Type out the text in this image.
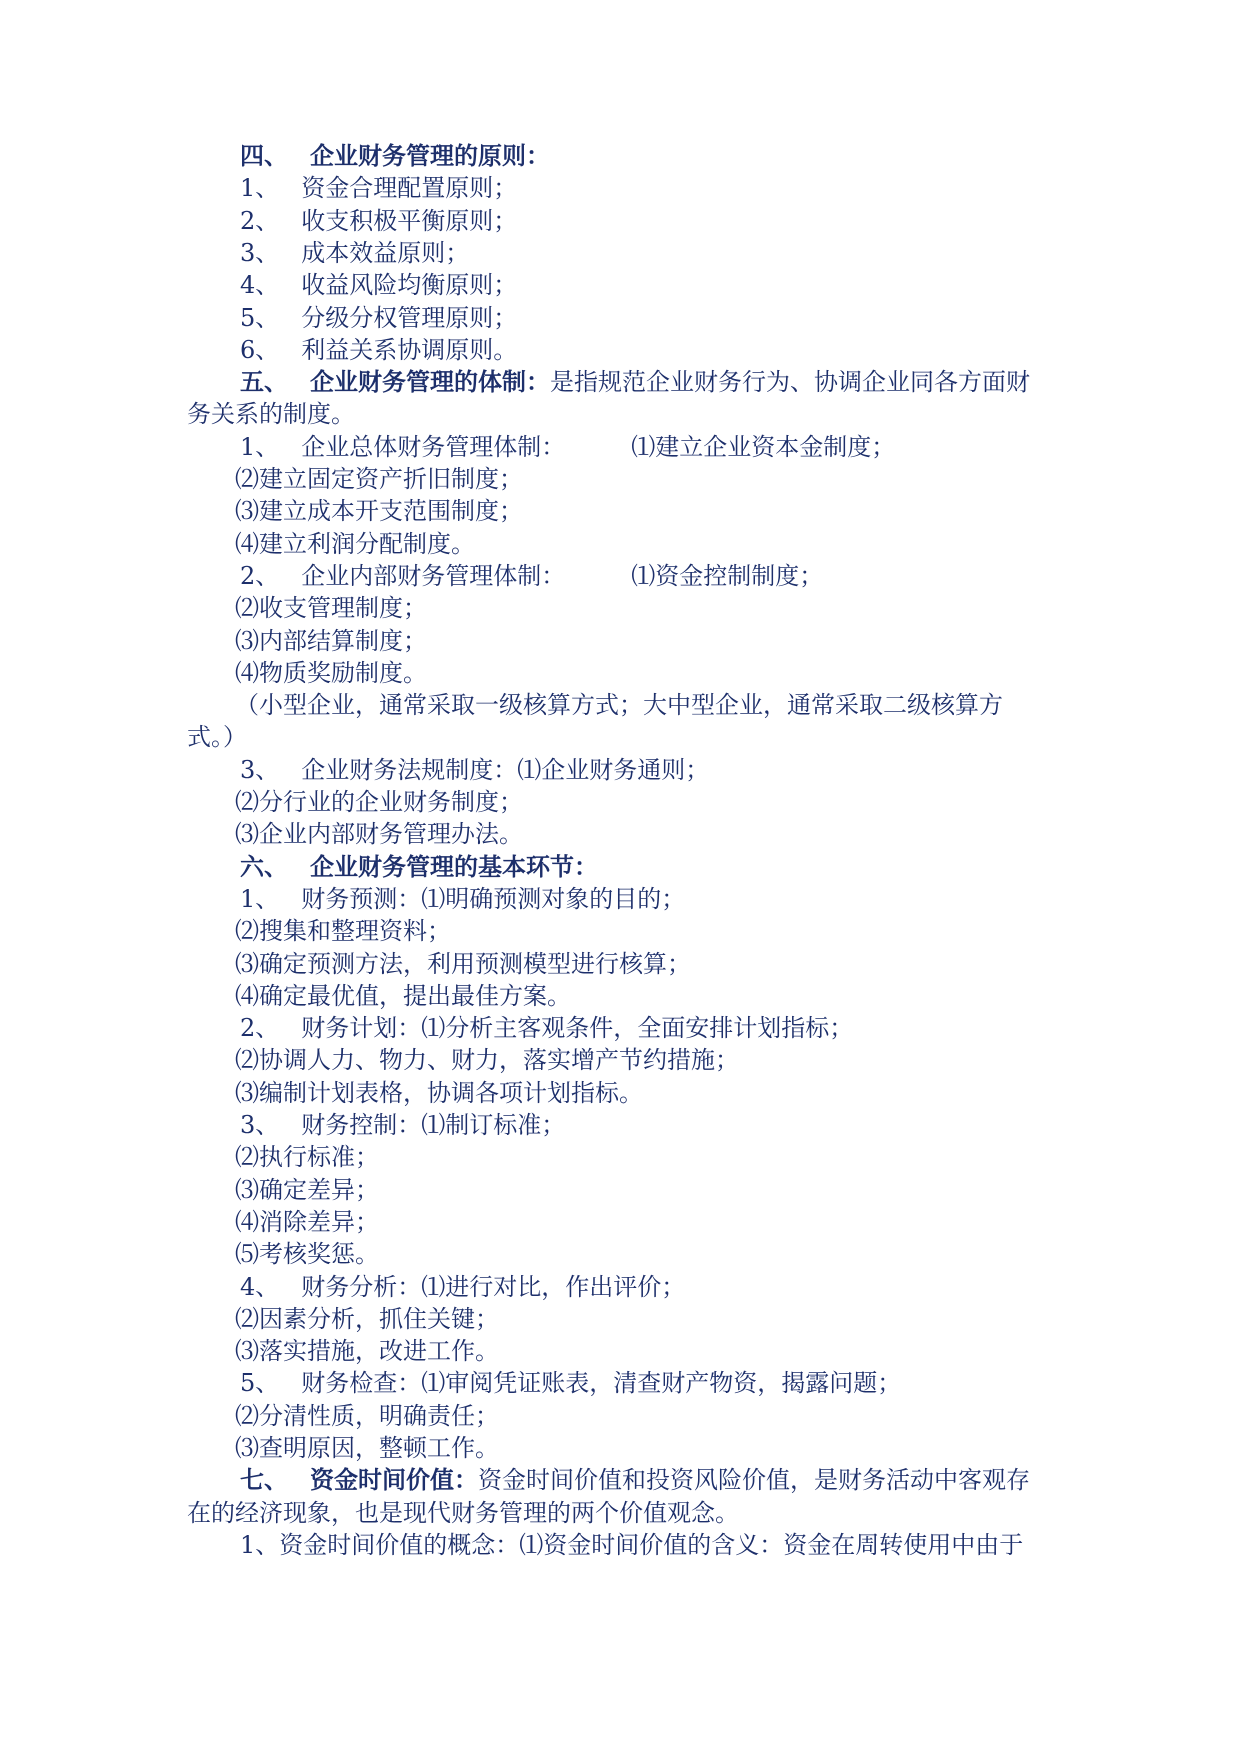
四、 企业财务管理的原则：
1、 资金合理配置原则；
2、 收支积极平衡原则；
3、 成本效益原则；
4、 收益风险均衡原则；
5、 分级分权管理原则；
6、 利益关系协调原则。
五、 企业财务管理的体制：是指规范企业财务行为、协调企业同各方面财
务关系的制度。
1、 企业总体财务管理体制：	⑴建立企业资本金制度；
⑵建立固定资产折旧制度；
⑶建立成本开支范围制度；
⑷建立利润分配制度。
2、 企业内部财务管理体制：	⑴资金控制制度；
⑵收支管理制度；
⑶内部结算制度；
⑷物质奖励制度。
（小型企业，通常采取一级核算方式；大中型企业，通常采取二级核算方
式。）
3、 企业财务法规制度：⑴企业财务通则；
⑵分行业的企业财务制度；
⑶企业内部财务管理办法。
六、 企业财务管理的基本环节：
1、 财务预测：⑴明确预测对象的目的；
⑵搜集和整理资料；
⑶确定预测方法，利用预测模型进行核算；
⑷确定最优值，提出最佳方案。
2、 财务计划：⑴分析主客观条件，全面安排计划指标；
⑵协调人力、物力、财力，落实增产节约措施；
⑶编制计划表格，协调各项计划指标。
3、 财务控制：⑴制订标准；
⑵执行标准；
⑶确定差异；
⑷消除差异；
⑸考核奖惩。
4、 财务分析：⑴进行对比，作出评价；
⑵因素分析，抓住关键；
⑶落实措施，改进工作。
5、 财务检查：⑴审阅凭证账表，清查财产物资，揭露问题；
⑵分清性质，明确责任；
⑶查明原因，整顿工作。
七、 资金时间价值：资金时间价值和投资风险价值，是财务活动中客观存
在的经济现象，也是现代财务管理的两个价值观念。
1、资金时间价值的概念：⑴资金时间价值的含义：资金在周转使用中由于
